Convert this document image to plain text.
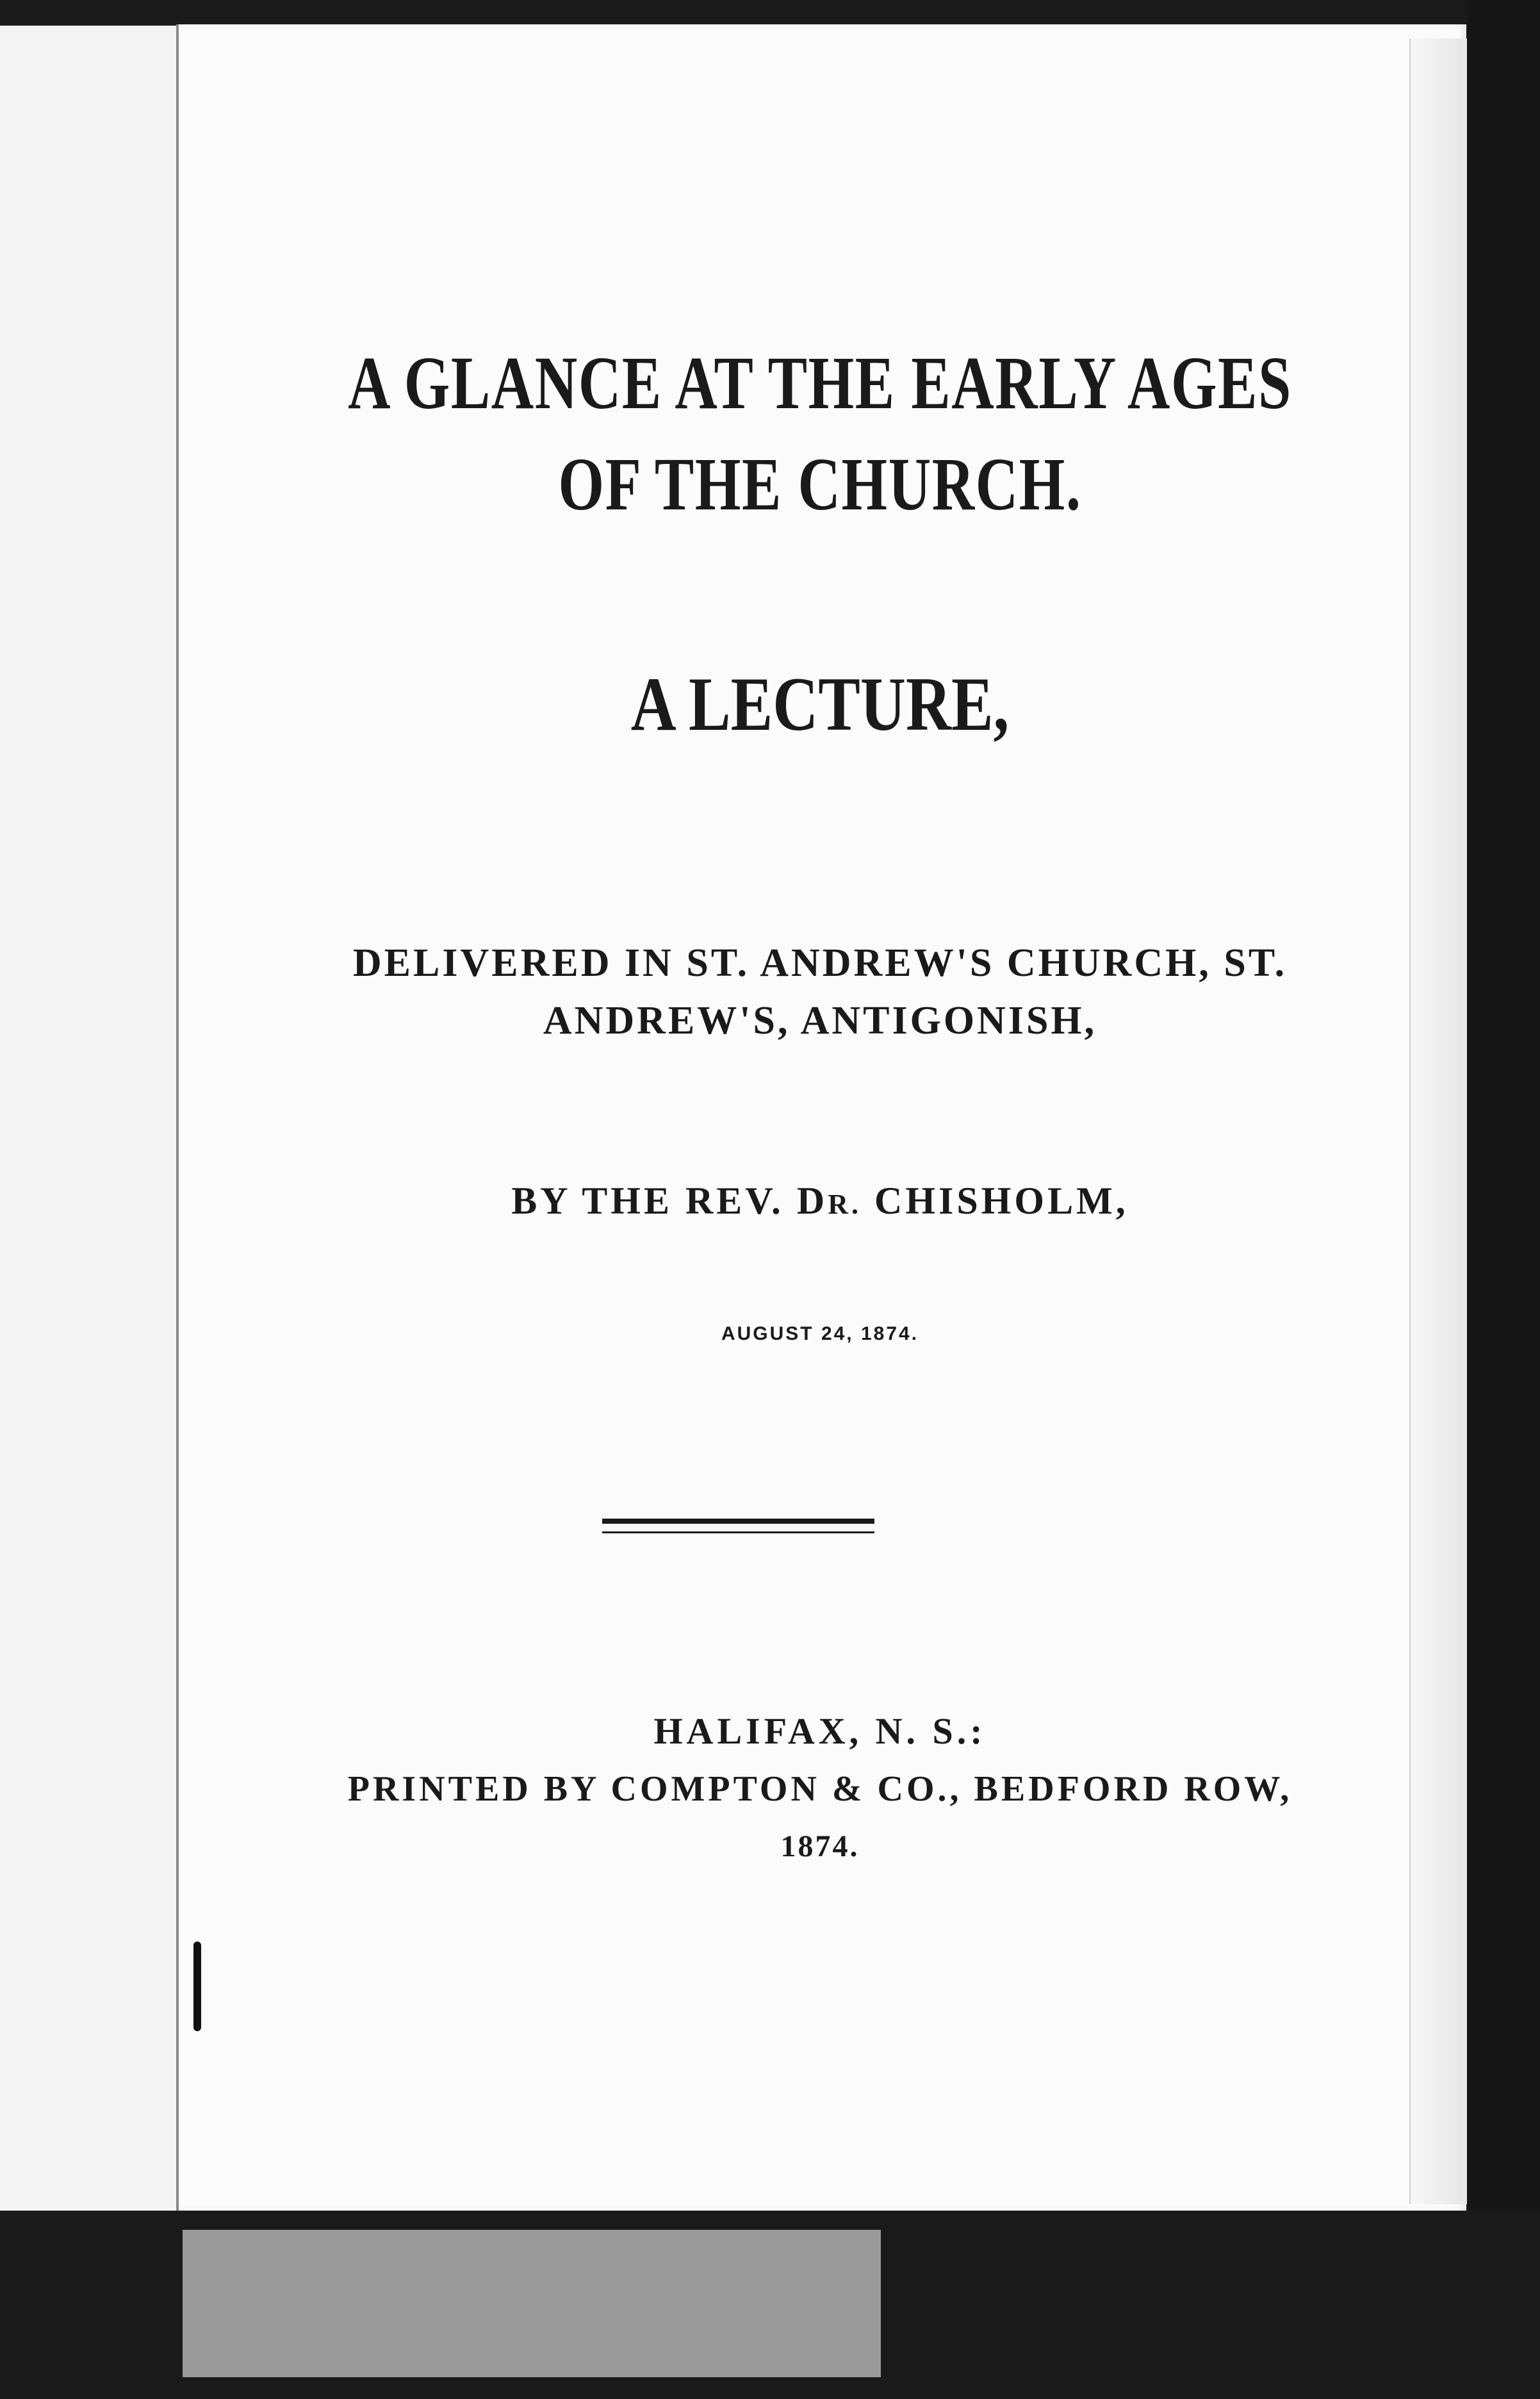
A GLANCE AT THE EARLY AGES
OF THE CHURCH.
A LECTURE,
DELIVERED IN ST. ANDREW'S CHURCH, ST.
ANDREW'S, ANTIGONISH,
BY THE REV. DR. CHISHOLM,
AUGUST 24, 1874.
HALIFAX, N. S.:
PRINTED BY COMPTON & CO., BEDFORD ROW,
1874.
